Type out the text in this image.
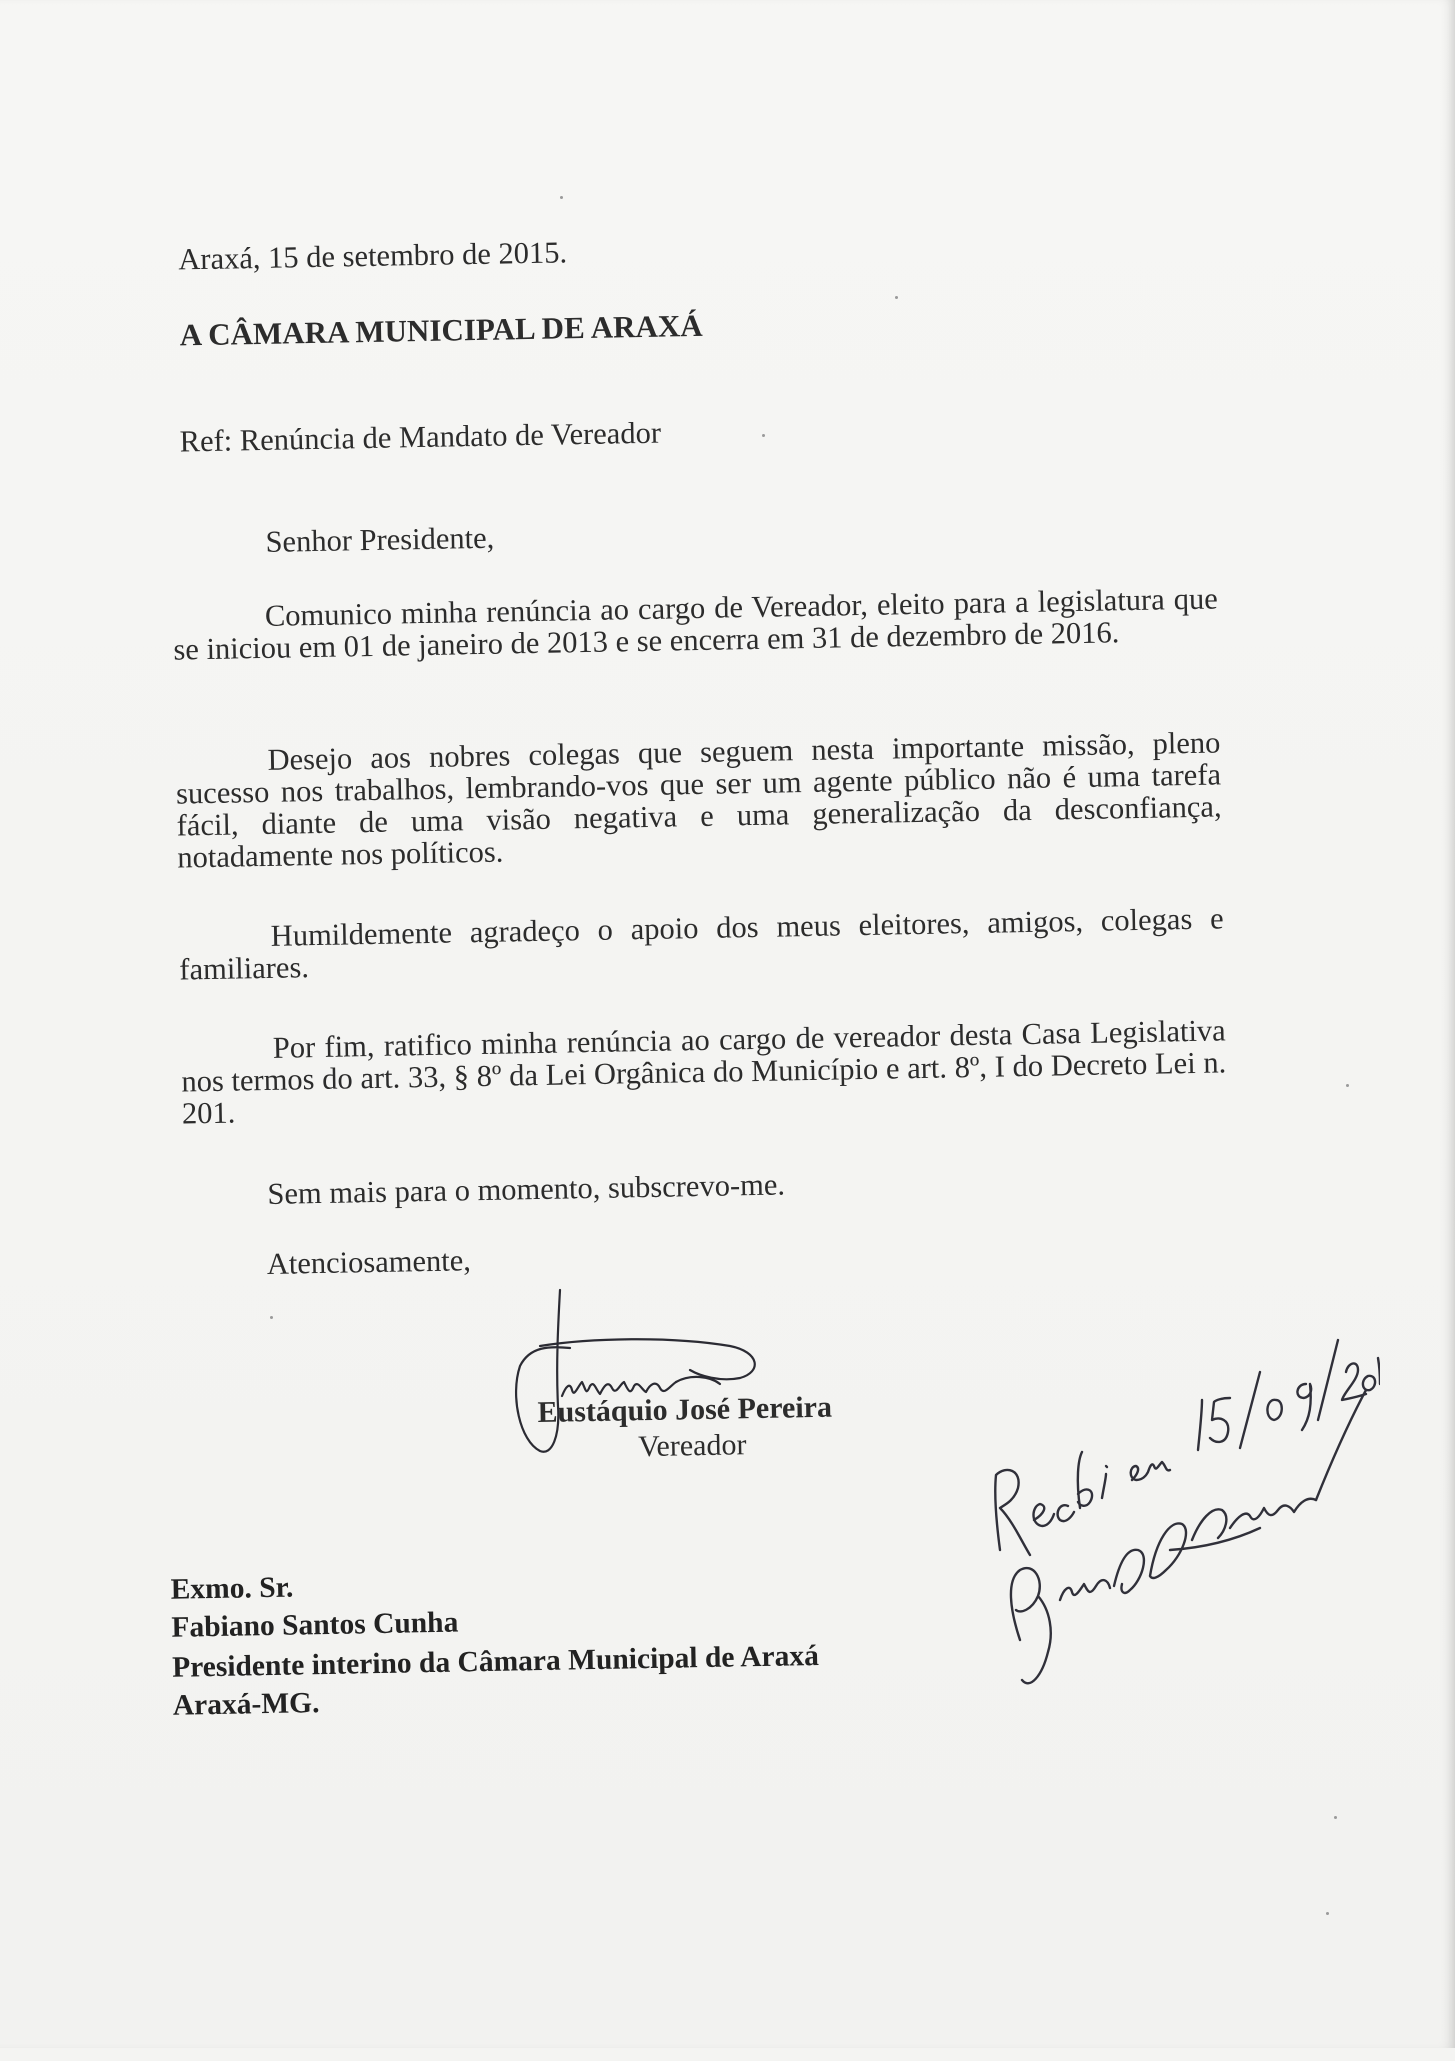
Araxá, 15 de setembro de 2015.
A CÂMARA MUNICIPAL DE ARAXÁ
Ref: Renúncia de Mandato de Vereador
Senhor Presidente,
Comunico minha renúncia ao cargo de Vereador, eleito para a legislatura que se iniciou em 01 de janeiro de 2013 e se encerra em 31 de dezembro de 2016.
Desejo aos nobres colegas que seguem nesta importante missão, pleno sucesso nos trabalhos, lembrando-vos que ser um agente público não é uma tarefa fácil, diante de uma visão negativa e uma generalização da desconfiança, notadamente nos políticos.
Humildemente agradeço o apoio dos meus eleitores, amigos, colegas e familiares.
Por fim, ratifico minha renúncia ao cargo de vereador desta Casa Legislativa nos termos do art. 33, § 8º da Lei Orgânica do Município e art. 8º, I do Decreto Lei n. 201.
Sem mais para o momento, subscrevo-me.
Atenciosamente,
Eustáquio José Pereira
Vereador
Exmo. Sr.
Fabiano Santos Cunha
Presidente interino da Câmara Municipal de Araxá
Araxá-MG.
